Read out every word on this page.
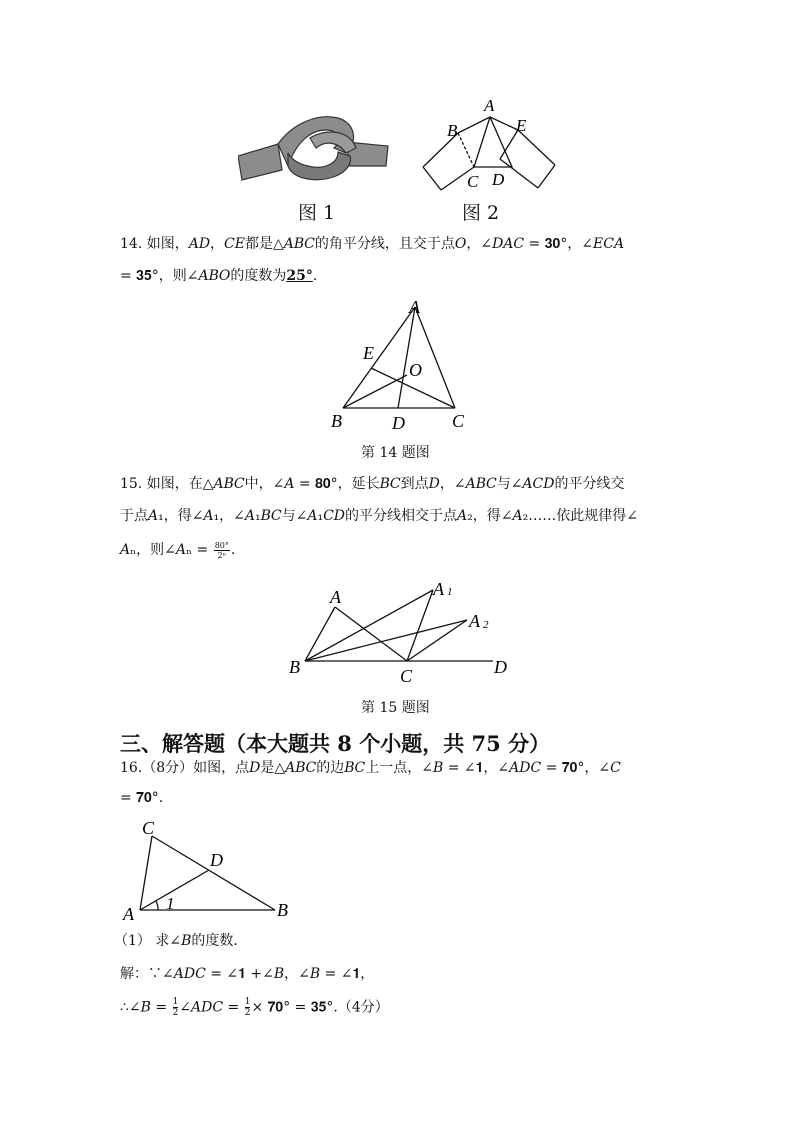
图 1
A
B
C D
E
图 2
14. 如图，𝐴𝐷，𝐶𝐸都是△𝐴𝐵𝐶的角平分线，且交于点𝑂，∠𝐷𝐴𝐶 = 𝟑𝟎°，∠𝐸𝐶𝐴
= 𝟑𝟓°，则∠𝐴𝐵𝑂的度数为25°.
A
B	C
D
E
O
第 14 题图
15. 如图，在△𝐴𝐵𝐶中，∠𝐴 = 𝟖𝟎°，延长𝐵𝐶到点𝐷，∠𝐴𝐵𝐶与∠𝐴𝐶𝐷的平分线交
于点𝐴₁，得∠𝐴₁，∠𝐴₁𝐵𝐶与∠𝐴₁𝐶𝐷的平分线相交于点𝐴₂，得∠𝐴₂……依此规律得∠
𝐴ₙ，则∠𝐴ₙ = $\frac{80^\circ}{\text{2ⁿ}}$ .
A	A 1
A 2
B	C	D
第 15 题图
三、解答题（本大题共 8 个小题，共 75 分）
16.（8分）如图，点𝐷是△𝐴𝐵𝐶的边𝐵𝐶上一点，∠𝐵 = ∠𝟏，∠𝐴𝐷𝐶 = 𝟕𝟎°，∠𝐶
= 𝟕𝟎°.
C
D
A	B
1
（1） 求∠𝐵的度数.
解：∵∠𝐴𝐷𝐶 = ∠𝟏 +∠𝐵，∠𝐵 = ∠𝟏，
∴∠𝐵 = $\frac{1}{2}$ ∠𝐴𝐷𝐶 = $\frac{1}{2}$ × 𝟕𝟎° = 𝟑𝟓°.（4分）
